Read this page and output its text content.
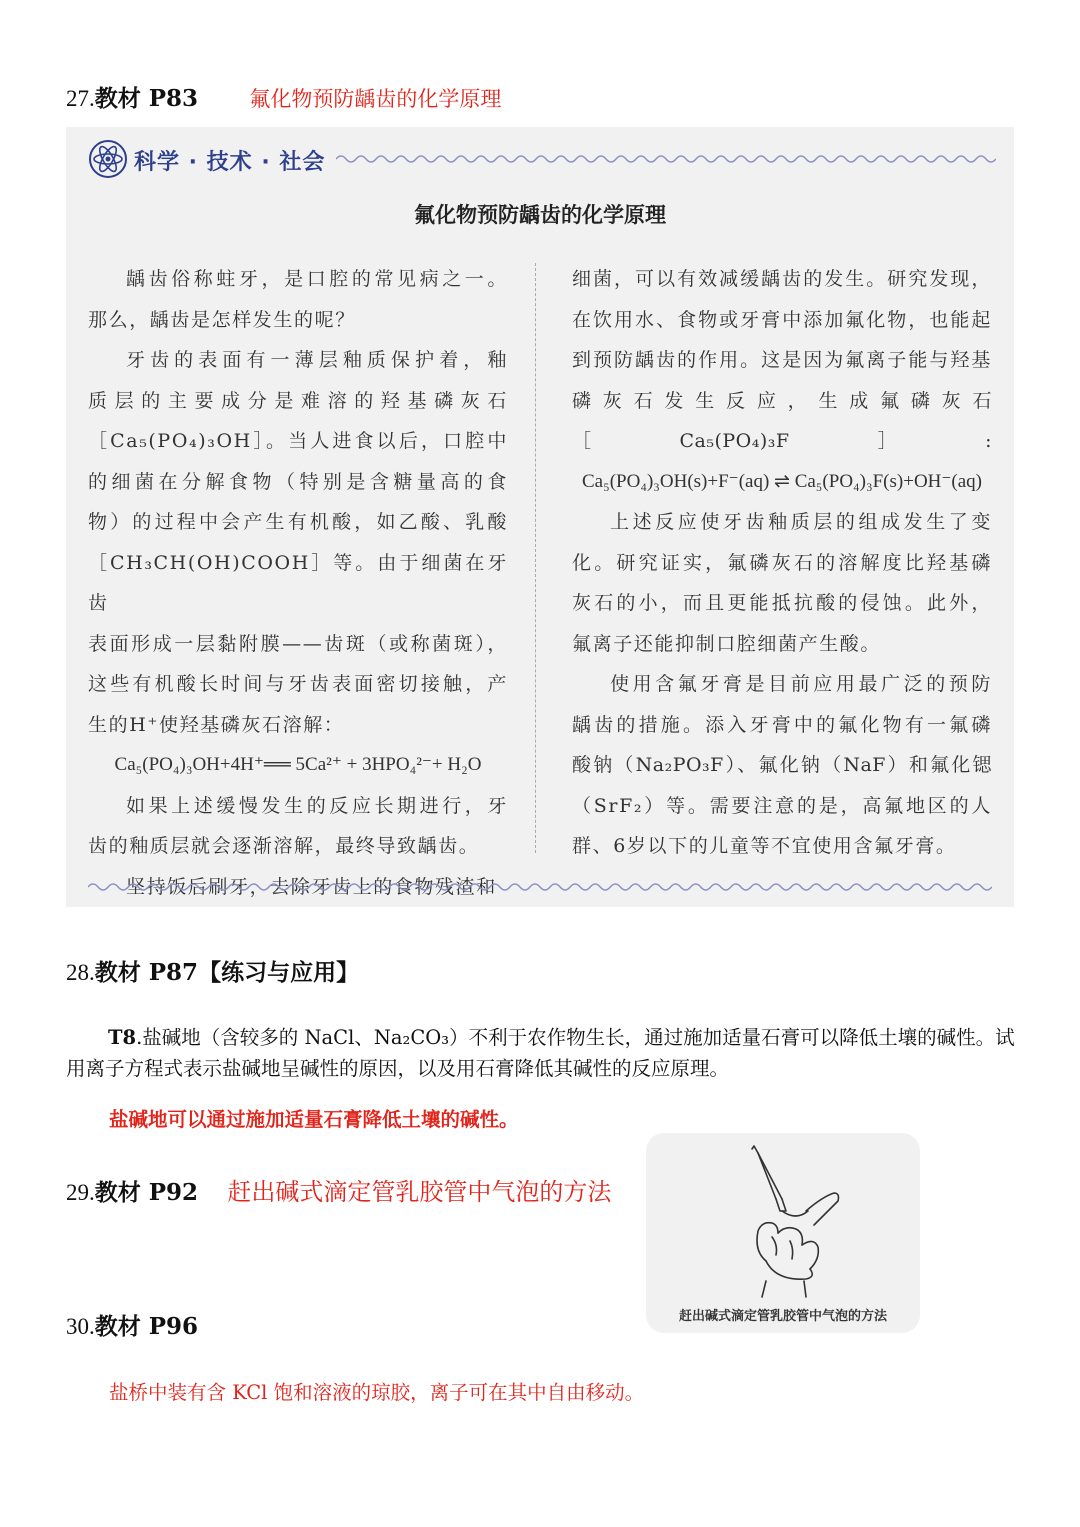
27.教材 P83 氟化物预防龋齿的化学原理
科学 · 技术 · 社会
氟化物预防龋齿的化学原理

龋齿俗称蛀牙，是口腔的常见病之一。

那么，龋齿是怎样发生的呢？

牙齿的表面有一薄层釉质保护着，釉

质层的主要成分是难溶的羟基磷灰石

［Ca₅(PO₄)₃OH］。当人进食以后，口腔中

的细菌在分解食物（特别是含糖量高的食

物）的过程中会产生有机酸，如乙酸、乳酸

［CH₃CH(OH)COOH］等。由于细菌在牙齿

表面形成一层黏附膜——齿斑（或称菌斑），

这些有机酸长时间与牙齿表面密切接触，产

生的H⁺使羟基磷灰石溶解：

Ca₅(PO₄)₃OH+4H⁺══ 5Ca²⁺ + 3HPO₄²⁻+ H₂O

如果上述缓慢发生的反应长期进行，牙

齿的釉质层就会逐渐溶解，最终导致龋齿。

坚持饭后刷牙，去除牙齿上的食物残渣和

细菌，可以有效减缓龋齿的发生。研究发现，

在饮用水、食物或牙膏中添加氟化物，也能起

到预防龋齿的作用。这是因为氟离子能与羟基

磷灰石发生反应，生成氟磷灰石［Ca₅(PO₄)₃F］:

Ca₅(PO₄)₃OH(s)+F⁻(aq) ⇌ Ca₅(PO₄)₃F(s)+OH⁻(aq)

上述反应使牙齿釉质层的组成发生了变

化。研究证实，氟磷灰石的溶解度比羟基磷

灰石的小，而且更能抵抗酸的侵蚀。此外，

氟离子还能抑制口腔细菌产生酸。

使用含氟牙膏是目前应用最广泛的预防

龋齿的措施。添入牙膏中的氟化物有一氟磷

酸钠（Na₂PO₃F）、氟化钠（NaF）和氟化锶

（SrF₂）等。需要注意的是，高氟地区的人

群、6岁以下的儿童等不宜使用含氟牙膏。

28.教材 P87【练习与应用】
T8.盐碱地（含较多的 NaCl、Na₂CO₃）不利于农作物生长，通过施加适量石膏可以降低土壤的碱性。试用离子方程式表示盐碱地呈碱性的原因，以及用石膏降低其碱性的反应原理。
盐碱地可以通过施加适量石膏降低土壤的碱性。
29.教材 P92 赶出碱式滴定管乳胶管中气泡的方法
赶出碱式滴定管乳胶管中气泡的方法
30.教材 P96
盐桥中装有含 KCl 饱和溶液的琼胶，离子可在其中自由移动。
